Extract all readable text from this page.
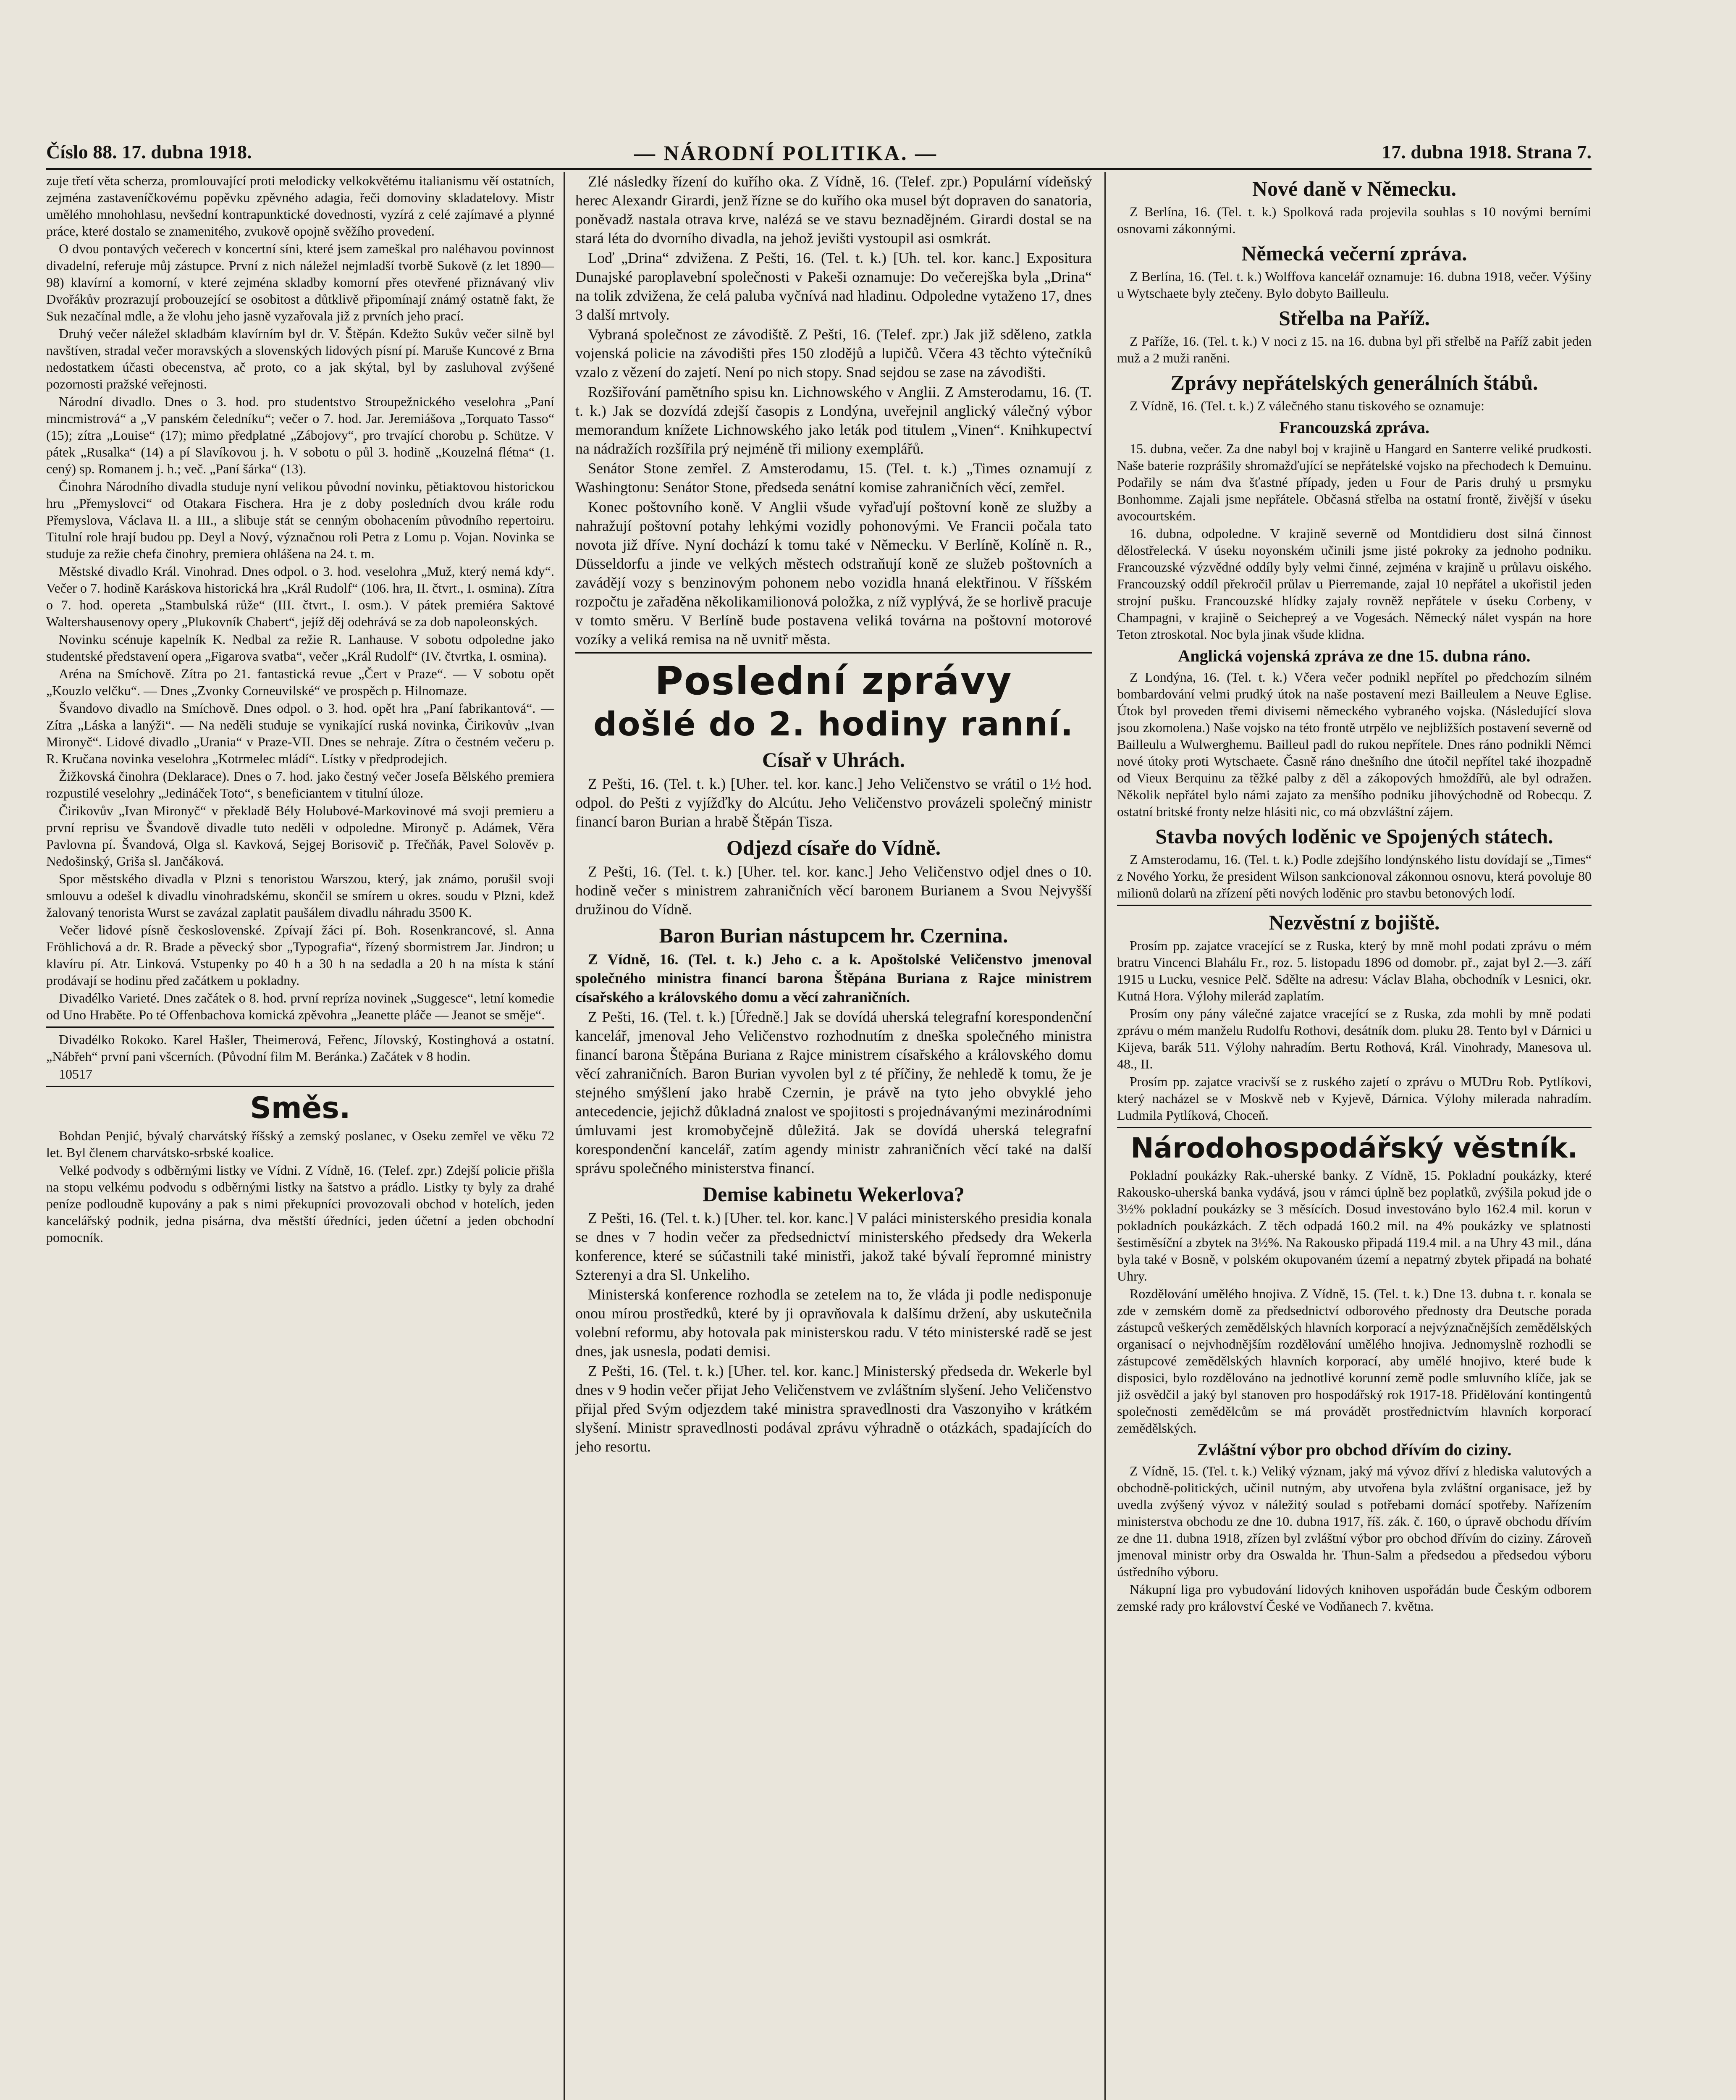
Číslo 88. 17. dubna 1918.	— NÁRODNÍ POLITIKA. —	17. dubna 1918. Strana 7.

zuje třetí věta scherza, promlouvající proti melodicky velkokvětému italianismu věí ostatních, zejména zastaveníčkovému popěvku zpěvného adagia, řeči domoviny skladatelovy. Mistr umělého mnohohlasu, nevšední kontrapunktické dovednosti, vyzírá z celé zajímavé a plynné práce, které dostalo se znamenitého, zvukově opojně svěžího provedení.

O dvou pontavých večerech v koncertní síni, které jsem zameškal pro naléhavou povinnost divadelní, referuje můj zástupce. První z nich náležel nejmladší tvorbě Sukově (z let 1890—98) klavírní a komorní, v které zejména skladby komorní přes otevřené přiznávaný vliv Dvořákův prozrazují probouzející se osobitost a důtklivě připomínají známý ostatně fakt, že Suk nezačínal mdle, a že vlohu jeho jasně vyzařovala již z prvních jeho prací.

Druhý večer náležel skladbám klavírním byl dr. V. Štěpán. Kdežto Sukův večer silně byl navštíven, stradal večer moravských a slovenských lidových písní pí. Maruše Kuncové z Brna nedostatkem účasti obecenstva, ač proto, co a jak skýtal, byl by zasluhoval zvýšené pozornosti pražské veřejnosti.

Národní divadlo. Dnes o 3. hod. pro studentstvo Stroupežnického veselohra „Paní mincmistrová“ a „V panském čeledníku“; večer o 7. hod. Jar. Jeremiášova „Torquato Tasso“ (15); zítra „Louise“ (17); mimo předplatné „Zábojovy“, pro trvající chorobu p. Schütze. V pátek „Rusalka“ (14) a pí Slavíkovou j. h. V sobotu o půl 3. hodině „Kouzelná flétna“ (1. cený) sp. Romanem j. h.; več. „Paní šárka“ (13).

Činohra Národního divadla studuje nyní velikou původní novinku, pětiaktovou historickou hru „Přemyslovci“ od Otakara Fischera. Hra je z doby posledních dvou krále rodu Přemyslova, Václava II. a III., a slibuje stát se cenným obohacením původního repertoiru. Titulní role hrají budou pp. Deyl a Nový, význačnou roli Petra z Lomu p. Vojan. Novinka se studuje za režie chefa činohry, premiera ohlášena na 24. t. m.

Městské divadlo Král. Vinohrad. Dnes odpol. o 3. hod. veselohra „Muž, který nemá kdy“. Večer o 7. hodině Karáskova historická hra „Král Rudolf“ (106. hra, II. čtvrt., I. osmina). Zítra o 7. hod. opereta „Stambulská růže“ (III. čtvrt., I. osm.). V pátek premiéra Saktové Waltershausenovy opery „Plukovník Chabert“, jejíž děj odehrává se za dob napoleonských.

Novinku scénuje kapelník K. Nedbal za režie R. Lanhause. V sobotu odpoledne jako studentské představení opera „Figarova svatba“, večer „Král Rudolf“ (IV. čtvrtka, I. osmina).

Aréna na Smíchově. Zítra po 21. fantastická revue „Čert v Praze“. — V sobotu opět „Kouzlo velčku“. — Dnes „Zvonky Corneuvilské“ ve prospěch p. Hilnomaze.

Švandovo divadlo na Smíchově. Dnes odpol. o 3. hod. opět hra „Paní fabrikantová“. — Zítra „Láska a lanýži“. — Na neděli studuje se vynikající ruská novinka, Čirikovův „Ivan Mironyč“. Lidové divadlo „Urania“ v Praze-VII. Dnes se nehraje. Zítra o čestném večeru p. R. Kručana novinka veselohra „Kotrmelec mládí“. Lístky v předprodejich.

Žižkovská činohra (Deklarace). Dnes o 7. hod. jako čestný večer Josefa Bělského premiera rozpustilé veselohry „Jedináček Toto“, s beneficiantem v titulní úloze.

Čirikovův „Ivan Mironyč“ v překladě Bély Holubové-Markovinové má svoji premieru a první reprisu ve Švandově divadle tuto neděli v odpoledne. Mironyč p. Adámek, Věra Pavlovna pí. Švandová, Olga sl. Kavková, Sejgej Borisovič p. Třečňák, Pavel Solověv p. Nedošinský, Griša sl. Jančáková.

Spor městského divadla v Plzni s tenoristou Warszou, který, jak známo, porušil svoji smlouvu a odešel k divadlu vinohradskému, skončil se smírem u okres. soudu v Plzni, kdež žalovaný tenorista Wurst se zavázal zaplatit paušálem divadlu náhradu 3500 K.

Večer lidové písně československé. Zpívají žáci pí. Boh. Rosenkrancové, sl. Anna Fröhlichová a dr. R. Brade a pěvecký sbor „Typografia“, řízený sbormistrem Jar. Jindron; u klavíru pí. Atr. Linková. Vstupenky po 40 h a 30 h na sedadla a 20 h na místa k stání prodávají se hodinu před začátkem u pokladny.

Divadélko Varieté. Dnes začátek o 8. hod. první repríza novinek „Suggesce“, letní komedie od Uno Hraběte. Po té Offenbachova komická zpěvohra „Jeanette pláče — Jeanot se směje“.

Divadélko Rokoko. Karel Hašler, Theimerová, Feřenc, Jílovský, Kostinghová a ostatní. „Nábřeh“ první pani všcerních. (Původní film M. Beránka.) Začátek v 8 hodin.

10517

Směs.

Bohdan Penjić, bývalý charvátský říšský a zemský poslanec, v Oseku zemřel ve věku 72 let. Byl členem charvátsko-srbské koalice.

Velké podvody s odběrnými listky ve Vídni. Z Vídně, 16. (Telef. zpr.) Zdejší policie přišla na stopu velkému podvodu s odběrnými listky na šatstvo a prádlo. Listky ty byly za drahé peníze podloudně kupovány a pak s nimi překupníci provozovali obchod v hotelích, jeden kancelářský podnik, jedna pisárna, dva městští úředníci, jeden účetní a jeden obchodní pomocník.

Zlé následky řízení do kuřího oka. Z Vídně, 16. (Telef. zpr.) Populární vídeňský herec Alexandr Girardi, jenž řízne se do kuřího oka musel být dopraven do sanatoria, poněvadž nastala otrava krve, nalézá se ve stavu beznadějném. Girardi dostal se na stará léta do dvorního divadla, na jehož jevišti vystoupil asi osmkrát.

Loď „Drina“ zdvižena. Z Pešti, 16. (Tel. t. k.) [Uh. tel. kor. kanc.] Expositura Dunajské paroplavební společnosti v Pakeši oznamuje: Do večerejška byla „Drina“ na tolik zdvižena, že celá paluba vyčnívá nad hladinu. Odpoledne vytaženo 17, dnes 3 další mrtvoly.

Vybraná společnost ze závodiště. Z Pešti, 16. (Telef. zpr.) Jak již sděleno, zatkla vojenská policie na závodišti přes 150 zlodějů a lupičů. Včera 43 těchto výtečníků vzalo z vězení do zajetí. Není po nich stopy. Snad sejdou se zase na závodišti.

Rozšiřování pamětního spisu kn. Lichnowského v Anglii. Z Amsterodamu, 16. (T. t. k.) Jak se dozvídá zdejší časopis z Londýna, uveřejnil anglický válečný výbor memorandum knížete Lichnowského jako leták pod titulem „Vinen“. Knihkupectví na nádražích rozšířila prý nejméně tři miliony exemplářů.

Senátor Stone zemřel. Z Amsterodamu, 15. (Tel. t. k.) „Times oznamují z Washingtonu: Senátor Stone, předseda senátní komise zahraničních věcí, zemřel.

Konec poštovního koně. V Anglii všude vyřaďují poštovní koně ze služby a nahražují poštovní potahy lehkými vozidly pohonovými. Ve Francii počala tato novota již dříve. Nyní dochází k tomu také v Německu. V Berlíně, Kolíně n. R., Düsseldorfu a jinde ve velkých městech odstraňují koně ze služeb poštovních a zavádějí vozy s benzinovým pohonem nebo vozidla hnaná elektřinou. V říšském rozpočtu je zařaděna několikamilionová položka, z níž vyplývá, že se horlivě pracuje v tomto směru. V Berlíně bude postavena veliká továrna na poštovní motorové vozíky a veliká remisa na ně uvnitř města.

Poslední zprávy
došlé do 2. hodiny ranní.
Císař v Uhrách.

Z Pešti, 16. (Tel. t. k.) [Uher. tel. kor. kanc.] Jeho Veličenstvo se vrátil o 1½ hod. odpol. do Pešti z vyjížďky do Alcútu. Jeho Veličenstvo provázeli společný ministr financí baron Burian a hrabě Štěpán Tisza.

Odjezd císaře do Vídně.

Z Pešti, 16. (Tel. t. k.) [Uher. tel. kor. kanc.] Jeho Veličenstvo odjel dnes o 10. hodině večer s ministrem zahraničních věcí baronem Burianem a Svou Nejvyšší družinou do Vídně.

Baron Burian nástupcem hr. Czernina.

Z Vídně, 16. (Tel. t. k.) Jeho c. a k. Apoštolské Veličenstvo jmenoval společného ministra financí barona Štěpána Buriana z Rajce ministrem císařského a královského domu a věcí zahraničních.

Z Pešti, 16. (Tel. t. k.) [Úředně.] Jak se dovídá uherská telegrafní korespondenční kancelář, jmenoval Jeho Veličenstvo rozhodnutím z dneška společného ministra financí barona Štěpána Buriana z Rajce ministrem císařského a královského domu věcí zahraničních. Baron Burian vyvolen byl z té příčiny, že nehledě k tomu, že je stejného smýšlení jako hrabě Czernin, je právě na tyto jeho obvyklé jeho antecedencie, jejichž důkladná znalost ve spojitosti s projednávanými mezinárodními úmluvami jest kromobyčejně důležitá. Jak se dovídá uherská telegrafní korespondenční kancelář, zatím agendy ministr zahraničních věcí také na další správu společného ministerstva financí.

Demise kabinetu Wekerlova?

Z Pešti, 16. (Tel. t. k.) [Uher. tel. kor. kanc.] V paláci ministerského presidia konala se dnes v 7 hodin večer za předsednictví ministerského předsedy dra Wekerla konference, které se súčastnili také ministři, jakož také bývalí řepromné ministry Szterenyi a dra Sl. Unkeliho.

Ministerská konference rozhodla se zetelem na to, že vláda ji podle nedisponuje onou mírou prostředků, které by ji opravňovala k dalšímu držení, aby uskutečnila volební reformu, aby hotovala pak ministerskou radu. V této ministerské radě se jest dnes, jak usnesla, podati demisi.

Z Pešti, 16. (Tel. t. k.) [Uher. tel. kor. kanc.] Ministerský předseda dr. Wekerle byl dnes v 9 hodin večer přijat Jeho Veličenstvem ve zvláštním slyšení. Jeho Veličenstvo přijal před Svým odjezdem také ministra spravedlnosti dra Vaszonyiho v krátkém slyšení. Ministr spravedlnosti podával zprávu výhradně o otázkách, spadajících do jeho resortu.

Nové daně v Německu.

Z Berlína, 16. (Tel. t. k.) Spolková rada projevila souhlas s 10 novými berními osnovami zákonnými.

Německá večerní zpráva.

Z Berlína, 16. (Tel. t. k.) Wolffova kancelář oznamuje: 16. dubna 1918, večer. Výšiny u Wytschaete byly ztečeny. Bylo dobyto Bailleulu.

Střelba na Paříž.

Z Paříže, 16. (Tel. t. k.) V noci z 15. na 16. dubna byl při střelbě na Paříž zabit jeden muž a 2 muži raněni.

Zprávy nepřátelských generálních štábů.

Z Vídně, 16. (Tel. t. k.) Z válečného stanu tiskového se oznamuje:

Francouzská zpráva.

15. dubna, večer. Za dne nabyl boj v krajině u Hangard en Santerre veliké prudkosti. Naše baterie rozprášily shromažďující se nepřátelské vojsko na přechodech k Demuinu. Podařily se nám dva šťastné případy, jeden u Four de Paris druhý u prsmyku Bonhomme. Zajali jsme nepřátele. Občasná střelba na ostatní frontě, živější v úseku avocourtském.

16. dubna, odpoledne. V krajině severně od Montdidieru dost silná činnost dělostřelecká. V úseku noyonském učinili jsme jisté pokroky za jednoho podniku. Francouzské výzvědné oddíly byly velmi činné, zejména v krajině u průlavu oiského. Francouzský oddíl překročil průlav u Pierremande, zajal 10 nepřátel a ukořistil jeden strojní pušku. Francouzské hlídky zajaly rovněž nepřátele v úseku Corbeny, v Champagni, v krajině o Seichepreý a ve Vogesách. Německý nálet vyspán na hore Teton ztroskotal. Noc byla jinak všude klidna.

Anglická vojenská zpráva ze dne 15. dubna ráno.

Z Londýna, 16. (Tel. t. k.) Včera večer podnikl nepřítel po předchozím silném bombardování velmi prudký útok na naše postavení mezi Bailleulem a Neuve Eglise. Útok byl proveden třemi divisemi německého vybraného vojska. (Následující slova jsou zkomolena.) Naše vojsko na této frontě utrpělo ve nejbližších postavení severně od Bailleulu a Wulwerghemu. Bailleul padl do rukou nepřítele. Dnes ráno podnikli Němci nové útoky proti Wytschaete. Časně ráno dnešního dne útočil nepřítel také ihozpadně od Vieux Berquinu za těžké palby z děl a zákopových hmoždířů, ale byl odražen. Několik nepřátel bylo námi zajato za menšího podniku jihovýchodně od Robecqu. Z ostatní britské fronty nelze hlásiti nic, co má obzvláštní zájem.

Stavba nových loděnic ve Spojených státech.

Z Amsterodamu, 16. (Tel. t. k.) Podle zdejšího londýnského listu dovídají se „Times“ z Nového Yorku, že president Wilson sankcionoval zákonnou osnovu, která povoluje 80 milionů dolarů na zřízení pěti nových loděnic pro stavbu betonových lodí.

Nezvěstní z bojiště.

Prosím pp. zajatce vracející se z Ruska, který by mně mohl podati zprávu o mém bratru Vincenci Blahálu Fr., roz. 5. listopadu 1896 od domobr. př., zajat byl 2.—3. září 1915 u Lucku, vesnice Pelč. Sdělte na adresu: Václav Blaha, obchodník v Lesnici, okr. Kutná Hora. Výlohy milerád zaplatím.

Prosím ony pány válečné zajatce vracející se z Ruska, zda mohli by mně podati zprávu o mém manželu Rudolfu Rothovi, desátník dom. pluku 28. Tento byl v Dárnici u Kijeva, barák 511. Výlohy nahradím. Bertu Rothová, Král. Vinohrady, Manesova ul. 48., II.

Prosím pp. zajatce vracivší se z ruského zajetí o zprávu o MUDru Rob. Pytlíkovi, který nacházel se v Moskvě neb v Kyjevě, Dárnica. Výlohy milerada nahradím. Ludmila Pytlíková, Choceň.

Národohospodářský věstník.

Pokladní poukázky Rak.-uherské banky. Z Vídně, 15. Pokladní poukázky, které Rakousko-uherská banka vydává, jsou v rámci úplně bez poplatků, zvýšila pokud jde o 3½% pokladní poukázky se 3 měsících. Dosud investováno bylo 162.4 mil. korun v pokladních poukázkách. Z těch odpadá 160.2 mil. na 4% poukázky ve splatnosti šestiměsíční a zbytek na 3½%. Na Rakousko připadá 119.4 mil. a na Uhry 43 mil., dána byla také v Bosně, v polském okupovaném území a nepatrný zbytek připadá na bohaté Uhry.

Rozdělování umělého hnojiva. Z Vídně, 15. (Tel. t. k.) Dne 13. dubna t. r. konala se zde v zemském domě za předsednictví odborového přednosty dra Deutsche porada zástupců veškerých zemědělských hlavních korporací a nejvýznačnějších zemědělských organisací o nejvhodnějším rozdělování umělého hnojiva. Jednomyslně rozhodli se zástupcové zemědělských hlavních korporací, aby umělé hnojivo, které bude k disposici, bylo rozdělováno na jednotlivé korunní země podle smluvního klíče, jak se již osvědčil a jaký byl stanoven pro hospodářský rok 1917-18. Přidělování kontingentů společnosti zemědělcům se má provádět prostřednictvím hlavních korporací zemědělských.

Zvláštní výbor pro obchod dřívím do ciziny.

Z Vídně, 15. (Tel. t. k.) Veliký význam, jaký má vývoz dříví z hlediska valutových a obchodně-politických, učinil nutným, aby utvořena byla zvláštní organisace, jež by uvedla zvýšený vývoz v náležitý soulad s potřebami domácí spotřeby. Nařízením ministerstva obchodu ze dne 10. dubna 1917, říš. zák. č. 160, o úpravě obchodu dřívím ze dne 11. dubna 1918, zřízen byl zvláštní výbor pro obchod dřívím do ciziny. Zároveň jmenoval ministr orby dra Oswalda hr. Thun-Salm a předsedou a předsedou výboru ústředního výboru.

Nákupní liga pro vybudování lidových knihoven uspořádán bude Českým odborem zemské rady pro království České ve Vodňanech 7. května.
